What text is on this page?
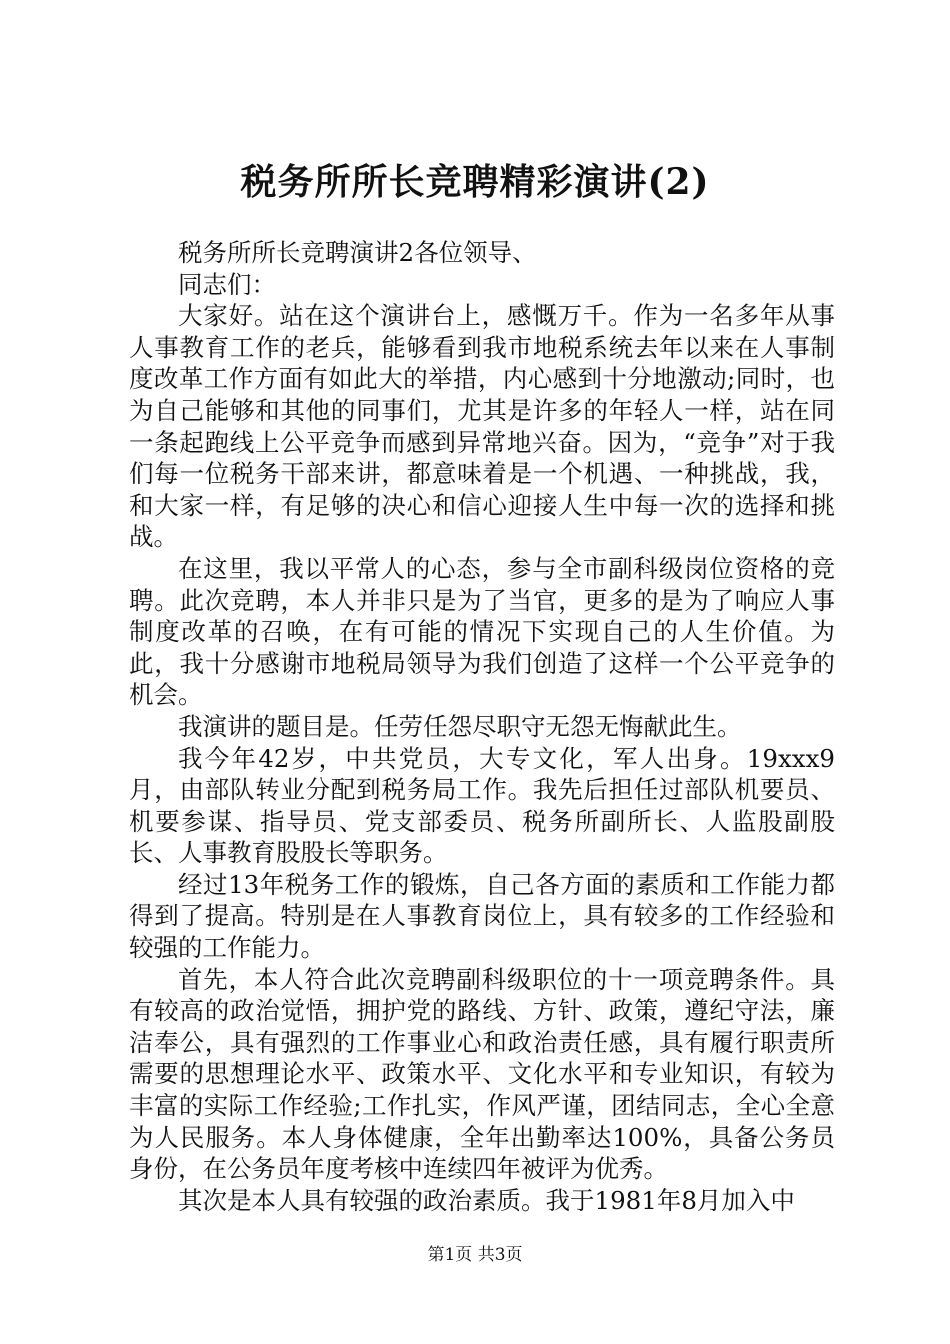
税务所所长竞聘精彩演讲(2)

税务所所长竞聘演讲2各位领导、

同志们：

大家好。站在这个演讲台上，感慨万千。作为一名多年从事人事教育工作的老兵，能够看到我市地税系统去年以来在人事制度改革工作方面有如此大的举措，内心感到十分地激动;同时，也为自己能够和其他的同事们，尤其是许多的年轻人一样，站在同一条起跑线上公平竞争而感到异常地兴奋。因为，“竞争”对于我们每一位税务干部来讲，都意味着是一个机遇、一种挑战，我，和大家一样，有足够的决心和信心迎接人生中每一次的选择和挑战。

在这里，我以平常人的心态，参与全市副科级岗位资格的竞聘。此次竞聘，本人并非只是为了当官，更多的是为了响应人事制度改革的召唤，在有可能的情况下实现自己的人生价值。为此，我十分感谢市地税局领导为我们创造了这样一个公平竞争的机会。

我演讲的题目是。任劳任怨尽职守无怨无悔献此生。

我今年42岁，中共党员，大专文化，军人出身。19xxx9月，由部队转业分配到税务局工作。我先后担任过部队机要员、机要参谋、指导员、党支部委员、税务所副所长、人监股副股长、人事教育股股长等职务。

经过13年税务工作的锻炼，自己各方面的素质和工作能力都得到了提高。特别是在人事教育岗位上，具有较多的工作经验和较强的工作能力。

首先，本人符合此次竞聘副科级职位的十一项竞聘条件。具有较高的政治觉悟，拥护党的路线、方针、政策，遵纪守法，廉洁奉公，具有强烈的工作事业心和政治责任感，具有履行职责所需要的思想理论水平、政策水平、文化水平和专业知识，有较为丰富的实际工作经验;工作扎实，作风严谨，团结同志，全心全意为人民服务。本人身体健康，全年出勤率达100%，具备公务员身份，在公务员年度考核中连续四年被评为优秀。

其次是本人具有较强的政治素质。我于1981年8月加入中

第1页 共3页
